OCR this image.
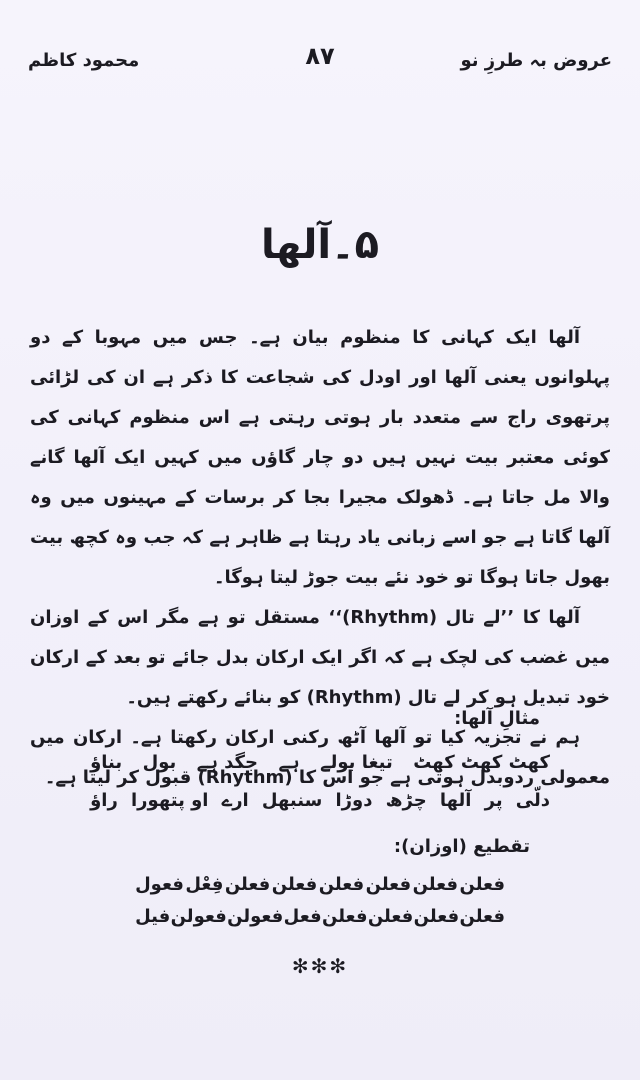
محمود کاظم	۸۷	عروض بہ طرزِ نو
۵۔آلھا

آلھا ایک کہانی کا منظوم بیان ہے۔ جس میں مہوبا کے دو پہلوانوں یعنی آلھا اور اودل کی شجاعت کا ذکر ہے ان کی لڑائی پرتھوی راج سے متعدد بار ہوتی رہتی ہے اس منظوم کہانی کی کوئی معتبر بیت نہیں ہیں دو چار گاؤں میں کہیں ایک آلھا گانے والا مل جاتا ہے۔ ڈھولک مجیرا بجا کر برسات کے مہینوں میں وہ آلھا گاتا ہے جو اسے زبانی یاد رہتا ہے ظاہر ہے کہ جب وہ کچھ بیت بھول جاتا ہوگا تو خود نئے بیت جوڑ لیتا ہوگا۔

آلھا کا ’’لے تال (Rhythm)‘‘ مستقل تو ہے مگر اس کے اوزان میں غضب کی لچک ہے کہ اگر ایک ارکان بدل جائے تو بعد کے ارکان خود تبدیل ہو کر لے تال (Rhythm) کو بنائے رکھتے ہیں۔

ہم نے تجزیہ کیا تو آلھا آٹھ رکنی ارکان رکھتا ہے۔ ارکان میں معمولی ردوبدل ہوتی ہے جو اس کا (Rhythm) قبول کر لیتا ہے۔

مثالِ آلھا:
کھٹ کھٹ کھٹ
تیغا بولے
ہے
جگد ہے
بول
بناؤ
دلّی
پر
آلھا
چڑھ
دوڑا
سنبھل
ارے
او پتھورا
راؤ
تقطیع (اوزان):
فعلن
فعلن
فعلن
فعلن
فعلن
فعلن
فِعْل
فعول
فعلن
فعلن
فعلن
فعلن
فعل
فعولن
فعولن
فیل
✻✻✻
